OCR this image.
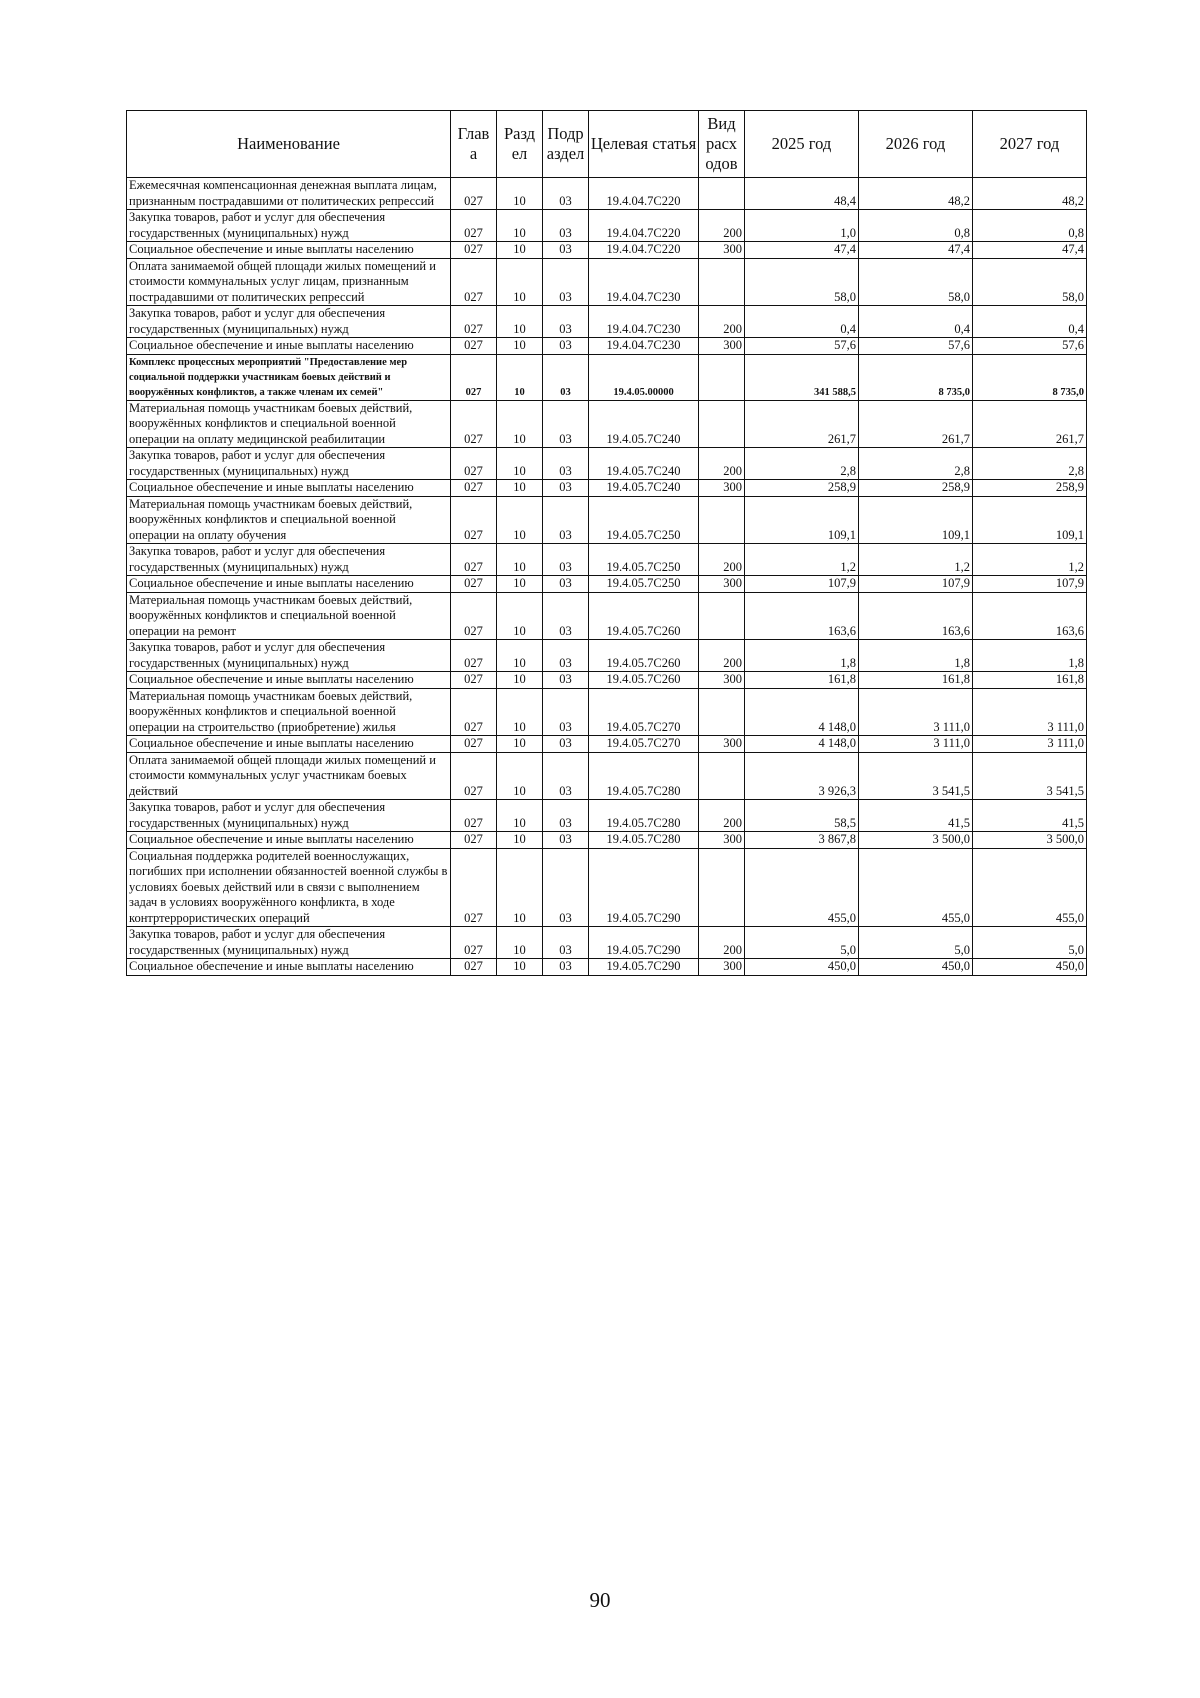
Наименование	Глав а	Разд ел	Подр аздел	Целевая статья	Вид расх одов	2025 год	2026 год	2027 год
Ежемесячная компенсационная денежная выплата лицам, признанным пострадавшими от политических репрессий	027	10	03	19.4.04.7С220		48,4	48,2	48,2
Закупка товаров, работ и услуг для обеспечения государственных (муниципальных) нужд	027	10	03	19.4.04.7С220	200	1,0	0,8	0,8
Социальное обеспечение и иные выплаты населению	027	10	03	19.4.04.7С220	300	47,4	47,4	47,4
Оплата занимаемой общей площади жилых помещений и стоимости коммунальных услуг лицам, признанным пострадавшими от политических репрессий	027	10	03	19.4.04.7С230		58,0	58,0	58,0
Закупка товаров, работ и услуг для обеспечения государственных (муниципальных) нужд	027	10	03	19.4.04.7С230	200	0,4	0,4	0,4
Социальное обеспечение и иные выплаты населению	027	10	03	19.4.04.7С230	300	57,6	57,6	57,6
Комплекс процессных мероприятий "Предоставление мер социальной поддержки участникам боевых действий и вооружённых конфликтов, а также членам их семей"	027	10	03	19.4.05.00000		341 588,5	8 735,0	8 735,0
Материальная помощь участникам боевых действий, вооружённых конфликтов и специальной военной операции на оплату медицинской реабилитации	027	10	03	19.4.05.7С240		261,7	261,7	261,7
Закупка товаров, работ и услуг для обеспечения государственных (муниципальных) нужд	027	10	03	19.4.05.7С240	200	2,8	2,8	2,8
Социальное обеспечение и иные выплаты населению	027	10	03	19.4.05.7С240	300	258,9	258,9	258,9
Материальная помощь участникам боевых действий, вооружённых конфликтов и специальной военной операции на оплату обучения	027	10	03	19.4.05.7С250		109,1	109,1	109,1
Закупка товаров, работ и услуг для обеспечения государственных (муниципальных) нужд	027	10	03	19.4.05.7С250	200	1,2	1,2	1,2
Социальное обеспечение и иные выплаты населению	027	10	03	19.4.05.7С250	300	107,9	107,9	107,9
Материальная помощь участникам боевых действий, вооружённых конфликтов и специальной военной операции на ремонт	027	10	03	19.4.05.7С260		163,6	163,6	163,6
Закупка товаров, работ и услуг для обеспечения государственных (муниципальных) нужд	027	10	03	19.4.05.7С260	200	1,8	1,8	1,8
Социальное обеспечение и иные выплаты населению	027	10	03	19.4.05.7С260	300	161,8	161,8	161,8
Материальная помощь участникам боевых действий, вооружённых конфликтов и специальной военной операции на строительство (приобретение) жилья	027	10	03	19.4.05.7С270		4 148,0	3 111,0	3 111,0
Социальное обеспечение и иные выплаты населению	027	10	03	19.4.05.7С270	300	4 148,0	3 111,0	3 111,0
Оплата занимаемой общей площади жилых помещений и стоимости коммунальных услуг участникам боевых действий	027	10	03	19.4.05.7С280		3 926,3	3 541,5	3 541,5
Закупка товаров, работ и услуг для обеспечения государственных (муниципальных) нужд	027	10	03	19.4.05.7С280	200	58,5	41,5	41,5
Социальное обеспечение и иные выплаты населению	027	10	03	19.4.05.7С280	300	3 867,8	3 500,0	3 500,0
Социальная поддержка родителей военнослужащих, погибших при исполнении обязанностей военной службы в условиях боевых действий или в связи с выполнением задач в условиях вооружённого конфликта, в ходе контртеррористических операций	027	10	03	19.4.05.7С290		455,0	455,0	455,0
Закупка товаров, работ и услуг для обеспечения государственных (муниципальных) нужд	027	10	03	19.4.05.7С290	200	5,0	5,0	5,0
Социальное обеспечение и иные выплаты населению	027	10	03	19.4.05.7С290	300	450,0	450,0	450,0
90
